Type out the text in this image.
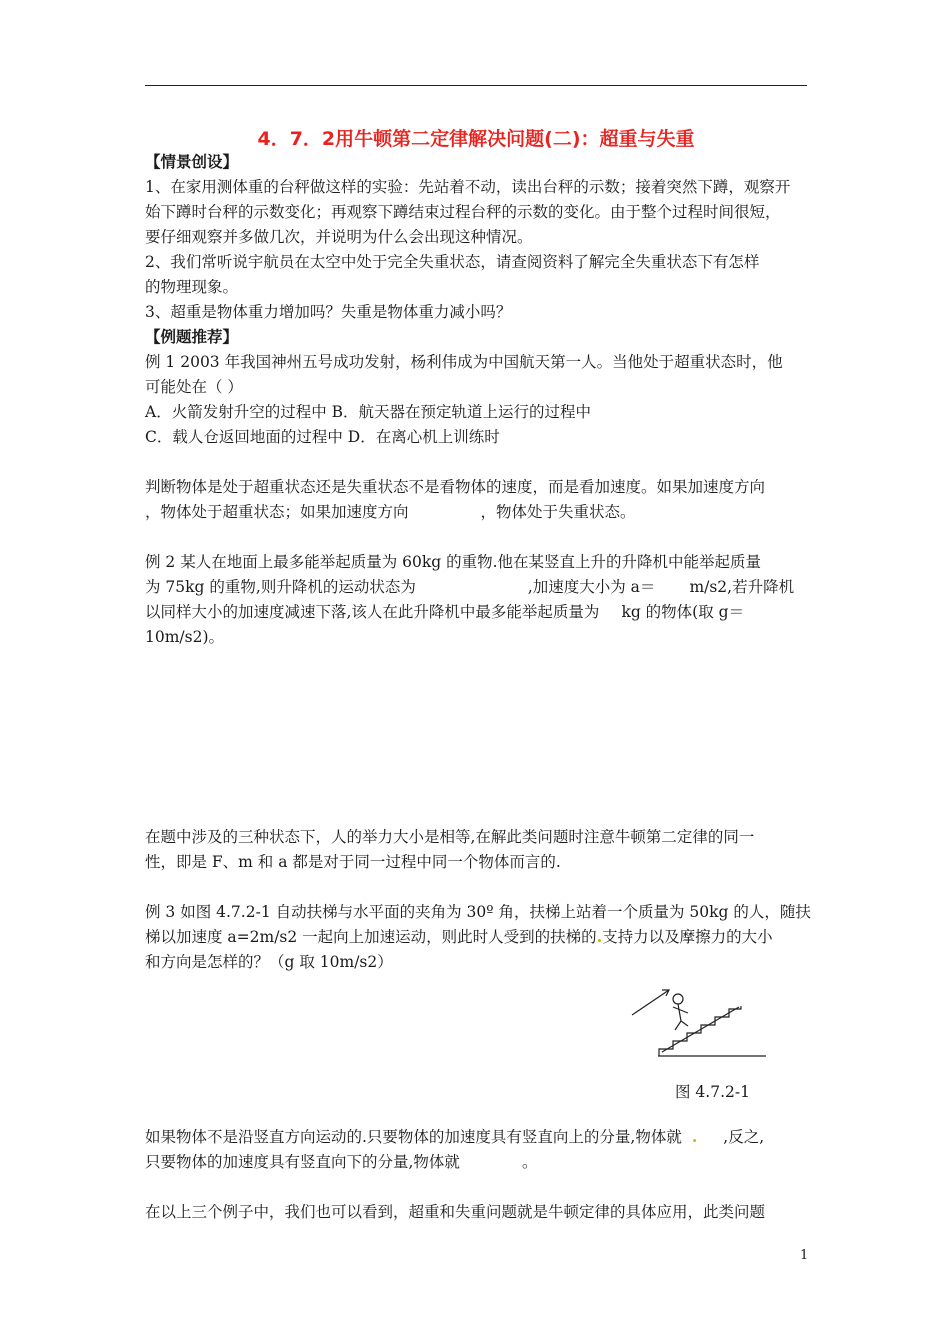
4．7．2用牛顿第二定律解决问题(二)：超重与失重
【情景创设】
1、在家用测体重的台秤做这样的实验：先站着不动，读出台秤的示数；接着突然下蹲，观察开
始下蹲时台秤的示数变化；再观察下蹲结束过程台秤的示数的变化。由于整个过程时间很短，
要仔细观察并多做几次，并说明为什么会出现这种情况。
2、我们常听说宇航员在太空中处于完全失重状态，请查阅资料了解完全失重状态下有怎样
的物理现象。
3、超重是物体重力增加吗？失重是物体重力减小吗？
【例题推荐】
例 1 2003 年我国神州五号成功发射，杨利伟成为中国航天第一人。当他处于超重状态时，他
可能处在（ ）
A．火箭发射升空的过程中 B．航天器在预定轨道上运行的过程中
C．载人仓返回地面的过程中 D．在离心机上训练时
判断物体是处于超重状态还是失重状态不是看物体的速度，而是看加速度。如果加速度方向
，物体处于超重状态；如果加速度方向	，物体处于失重状态。
例 2 某人在地面上最多能举起质量为 60kg 的重物.他在某竖直上升的升降机中能举起质量
为 75kg 的重物,则升降机的运动状态为	,加速度大小为 a＝ m/s2,若升降机
以同样大小的加速度减速下落,该人在此升降机中最多能举起质量为 kg 的物体(取 g＝
10m/s2)。
在题中涉及的三种状态下，人的举力大小是相等,在解此类问题时注意牛顿第二定律的同一
性，即是 F、m 和 a 都是对于同一过程中同一个物体而言的.
例 3 如图 4.7.2-1 自动扶梯与水平面的夹角为 30º 角，扶梯上站着一个质量为 50kg 的人，随扶
梯以加速度 a=2m/s2 一起向上加速运动，则此时人受到的扶梯的.支持力以及摩擦力的大小
和方向是怎样的？（g 取 10m/s2）
图 4.7.2-1
如果物体不是沿竖直方向运动的.只要物体的加速度具有竖直向上的分量,物体就 . ,反之,
只要物体的加速度具有竖直向下的分量,物体就	。
在以上三个例子中，我们也可以看到，超重和失重问题就是牛顿定律的具体应用，此类问题
1
